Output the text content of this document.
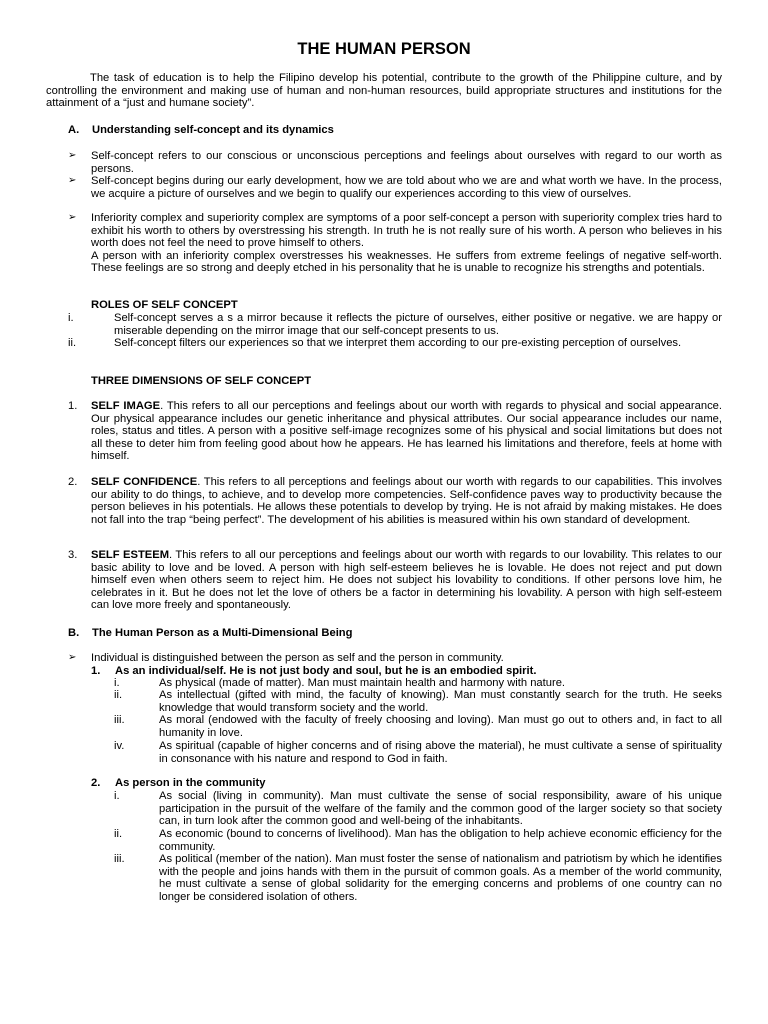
THE HUMAN PERSON

The task of education is to help the Filipino develop his potential, contribute to the growth of the Philippine culture, and by controlling the environment and making use of human and non-human resources, build appropriate structures and institutions for the attainment of a “just and humane society”.

A. Understanding self-concept and its dynamics
➢	Self-concept refers to our conscious or unconscious perceptions and feelings about ourselves with regard to our worth as persons.
➢	Self-concept begins during our early development, how we are told about who we are and what worth we have. In the process, we acquire a picture of ourselves and we begin to qualify our experiences according to this view of ourselves.
➢	Inferiority complex and superiority complex are symptoms of a poor self-concept a person with superiority complex tries hard to exhibit his worth to others by overstressing his strength. In truth he is not really sure of his worth. A person who believes in his worth does not feel the need to prove himself to others.

A person with an inferiority complex overstresses his weaknesses. He suffers from extreme feelings of negative self-worth. These feelings are so strong and deeply etched in his personality that he is unable to recognize his strengths and potentials.

ROLES OF SELF CONCEPT
i.	Self-concept serves a s a mirror because it reflects the picture of ourselves, either positive or negative. we are happy or miserable depending on the mirror image that our self-concept presents to us.
ii.	Self-concept filters our experiences so that we interpret them according to our pre-existing perception of ourselves.
THREE DIMENSIONS OF SELF CONCEPT
1.	SELF IMAGE. This refers to all our perceptions and feelings about our worth with regards to physical and social appearance. Our physical appearance includes our genetic inheritance and physical attributes. Our social appearance includes our name, roles, status and titles. A person with a positive self-image recognizes some of his physical and social limitations but does not all these to deter him from feeling good about how he appears. He has learned his limitations and therefore, feels at home with himself.
2.	SELF CONFIDENCE. This refers to all perceptions and feelings about our worth with regards to our capabilities. This involves our ability to do things, to achieve, and to develop more competencies. Self-confidence paves way to productivity because the person believes in his potentials. He allows these potentials to develop by trying. He is not afraid by making mistakes. He does not fall into the trap “being perfect”. The development of his abilities is measured within his own standard of development.
3.	SELF ESTEEM. This refers to all our perceptions and feelings about our worth with regards to our lovability. This relates to our basic ability to love and be loved. A person with high self-esteem believes he is lovable. He does not reject and put down himself even when others seem to reject him. He does not subject his lovability to conditions. If other persons love him, he celebrates in it. But he does not let the love of others be a factor in determining his lovability. A person with high self-esteem can love more freely and spontaneously.
B. The Human Person as a Multi-Dimensional Being
➢	Individual is distinguished between the person as self and the person in community.
1. As an individual/self. He is not just body and soul, but he is an embodied spirit.
i.	As physical (made of matter). Man must maintain health and harmony with nature.
ii.	As intellectual (gifted with mind, the faculty of knowing). Man must constantly search for the truth. He seeks knowledge that would transform society and the world.
iii.	As moral (endowed with the faculty of freely choosing and loving). Man must go out to others and, in fact to all humanity in love.
iv.	As spiritual (capable of higher concerns and of rising above the material), he must cultivate a sense of spirituality in consonance with his nature and respond to God in faith.
2. As person in the community
i.	As social (living in community). Man must cultivate the sense of social responsibility, aware of his unique participation in the pursuit of the welfare of the family and the common good of the larger society so that society can, in turn look after the common good and well-being of the inhabitants.
ii.	As economic (bound to concerns of livelihood). Man has the obligation to help achieve economic efficiency for the community.
iii.	As political (member of the nation). Man must foster the sense of nationalism and patriotism by which he identifies with the people and joins hands with them in the pursuit of common goals. As a member of the world community, he must cultivate a sense of global solidarity for the emerging concerns and problems of one country can no longer be considered isolation of others.
